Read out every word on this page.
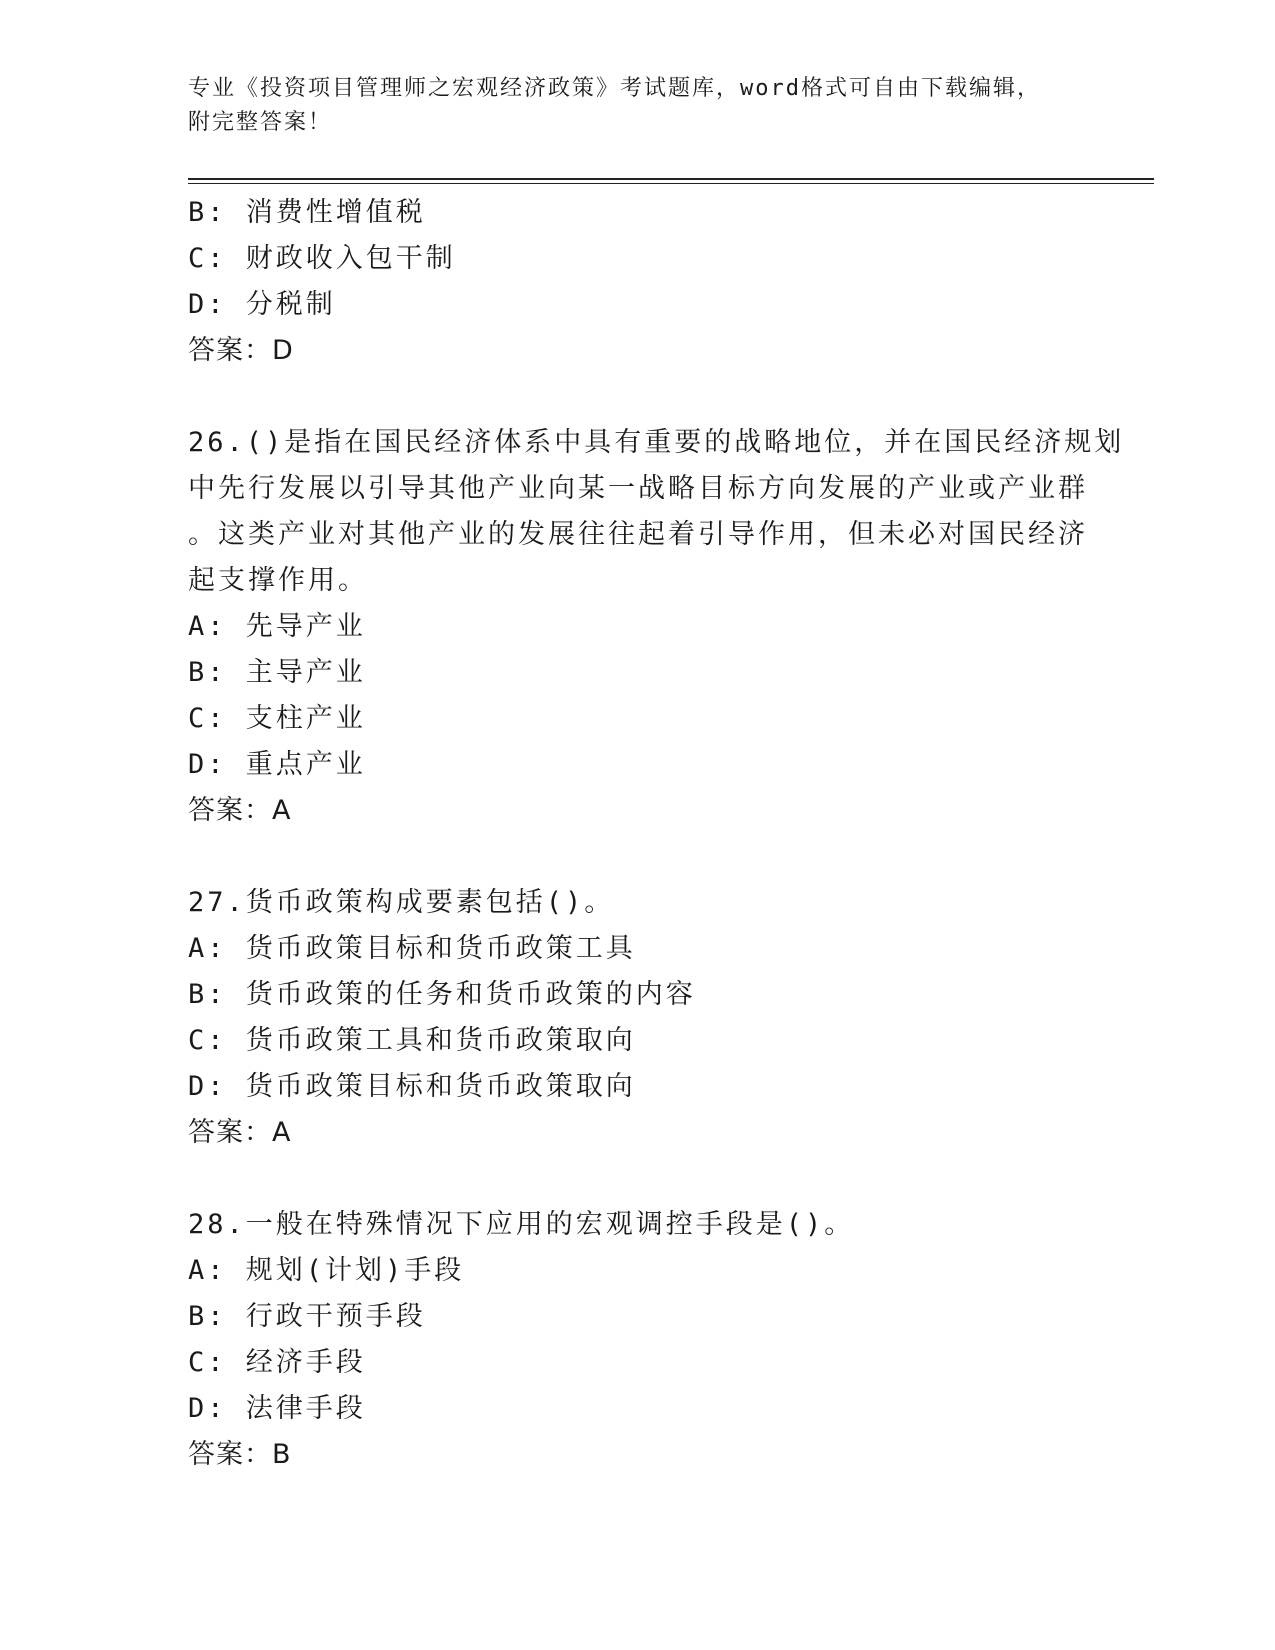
专业《投资项目管理师之宏观经济政策》考试题库，word格式可自由下载编辑，
附完整答案！
B: 消费性增值税
C: 财政收入包干制
D: 分税制
答案：D
26.()是指在国民经济体系中具有重要的战略地位，并在国民经济规划
中先行发展以引导其他产业向某一战略目标方向发展的产业或产业群
。这类产业对其他产业的发展往往起着引导作用，但未必对国民经济
起支撑作用。
A: 先导产业
B: 主导产业
C: 支柱产业
D: 重点产业
答案：A
27.货币政策构成要素包括()。
A: 货币政策目标和货币政策工具
B: 货币政策的任务和货币政策的内容
C: 货币政策工具和货币政策取向
D: 货币政策目标和货币政策取向
答案：A
28.一般在特殊情况下应用的宏观调控手段是()。
A: 规划(计划)手段
B: 行政干预手段
C: 经济手段
D: 法律手段
答案：B
